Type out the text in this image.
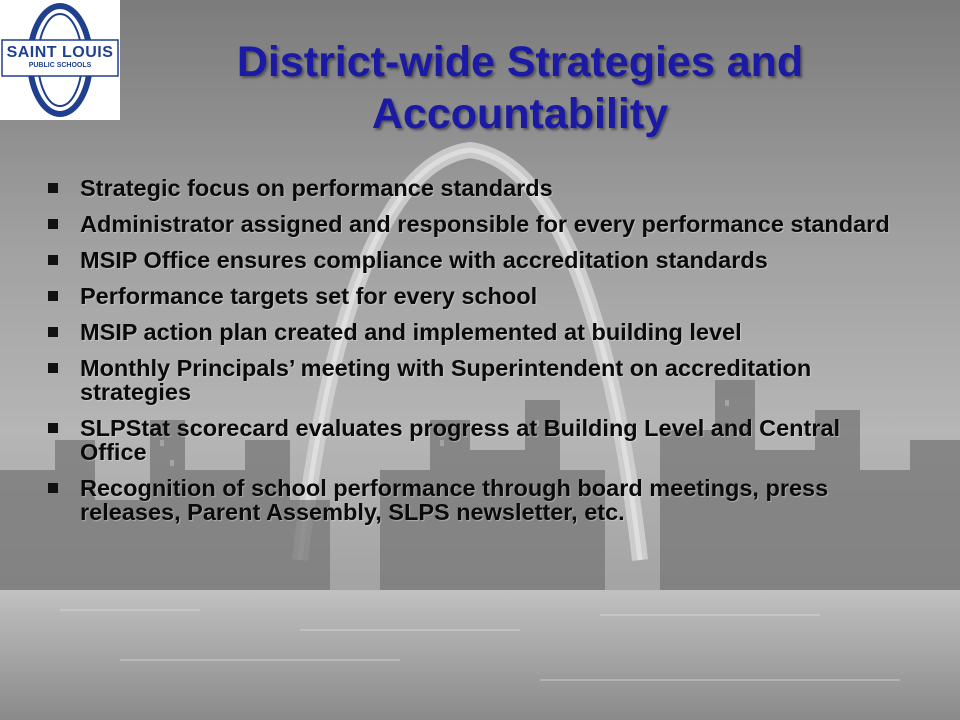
SAINT LOUIS
PUBLIC SCHOOLS	District-wide Strategies and Accountability
Strategic focus on performance standards
Administrator assigned and responsible for every performance standard
MSIP Office ensures compliance with accreditation standards
Performance targets set for every school
MSIP action plan created and implemented at building level
Monthly Principals’ meeting with Superintendent on accreditation strategies
SLPStat scorecard evaluates progress at Building Level and Central Office
Recognition of school performance through board meetings, press releases, Parent Assembly, SLPS newsletter, etc.
